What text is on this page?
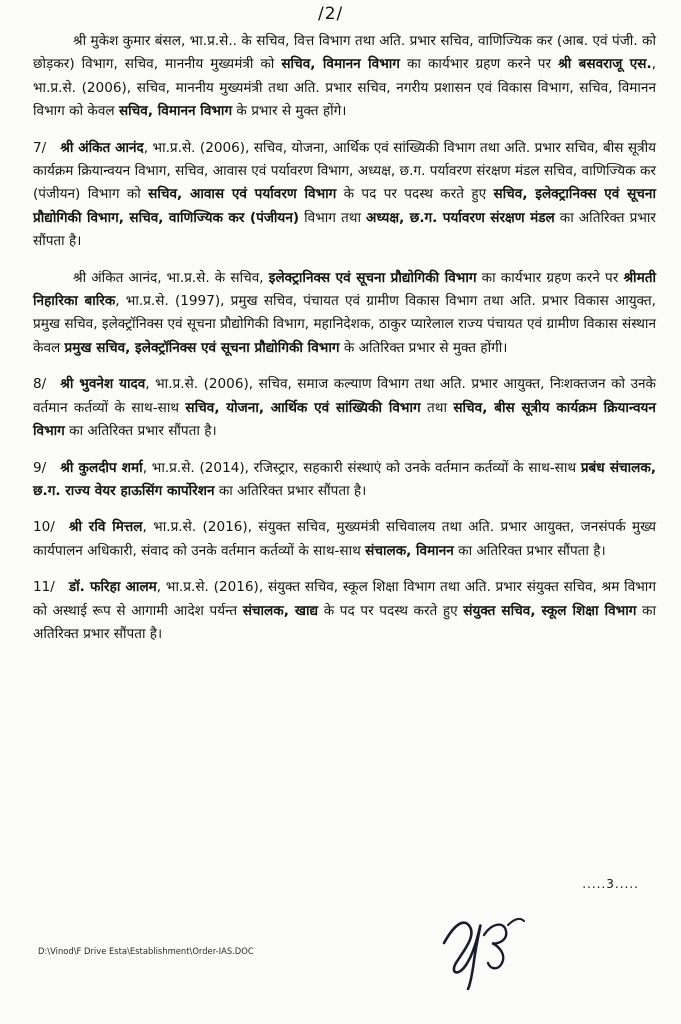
/2/

श्री मुकेश कुमार बंसल, भा.प्र.से.. के सचिव, वित्त विभाग तथा अति. प्रभार सचिव, वाणिज्यिक कर (आब. एवं पंजी. को छोड़कर) विभाग, सचिव, माननीय मुख्यमंत्री को सचिव, विमानन विभाग का कार्यभार ग्रहण करने पर श्री बसवराजू एस., भा.प्र.से. (2006), सचिव, माननीय मुख्यमंत्री तथा अति. प्रभार सचिव, नगरीय प्रशासन एवं विकास विभाग, सचिव, विमानन विभाग को केवल सचिव, विमानन विभाग के प्रभार से मुक्त होंगे।

7/ श्री अंकित आनंद, भा.प्र.से. (2006), सचिव, योजना, आर्थिक एवं सांख्यिकी विभाग तथा अति. प्रभार सचिव, बीस सूत्रीय कार्यक्रम क्रियान्वयन विभाग, सचिव, आवास एवं पर्यावरण विभाग, अध्यक्ष, छ.ग. पर्यावरण संरक्षण मंडल सचिव, वाणिज्यिक कर (पंजीयन) विभाग को सचिव, आवास एवं पर्यावरण विभाग के पद पर पदस्थ करते हुए सचिव, इलेक्ट्रानिक्स एवं सूचना प्रौद्योगिकी विभाग, सचिव, वाणिज्यिक कर (पंजीयन) विभाग तथा अध्यक्ष, छ.ग. पर्यावरण संरक्षण मंडल का अतिरिक्त प्रभार सौंपता है।

श्री अंकित आनंद, भा.प्र.से. के सचिव, इलेक्ट्रानिक्स एवं सूचना प्रौद्योगिकी विभाग का कार्यभार ग्रहण करने पर श्रीमती निहारिका बारिक, भा.प्र.से. (1997), प्रमुख सचिव, पंचायत एवं ग्रामीण विकास विभाग तथा अति. प्रभार विकास आयुक्त, प्रमुख सचिव, इलेक्ट्रॉनिक्स एवं सूचना प्रौद्योगिकी विभाग, महानिदेशक, ठाकुर प्यारेलाल राज्य पंचायत एवं ग्रामीण विकास संस्थान केवल प्रमुख सचिव, इलेक्ट्रॉनिक्स एवं सूचना प्रौद्योगिकी विभाग के अतिरिक्त प्रभार से मुक्त होंगी।

8/ श्री भुवनेश यादव, भा.प्र.से. (2006), सचिव, समाज कल्याण विभाग तथा अति. प्रभार आयुक्त, निःशक्तजन को उनके वर्तमान कर्तव्यों के साथ-साथ सचिव, योजना, आर्थिक एवं सांख्यिकी विभाग तथा सचिव, बीस सूत्रीय कार्यक्रम क्रियान्वयन विभाग का अतिरिक्त प्रभार सौंपता है।

9/ श्री कुलदीप शर्मा, भा.प्र.से. (2014), रजिस्ट्रार, सहकारी संस्थाएं को उनके वर्तमान कर्तव्यों के साथ-साथ प्रबंध संचालक, छ.ग. राज्य वेयर हाऊसिंग कार्पोरेशन का अतिरिक्त प्रभार सौंपता है।

10/ श्री रवि मित्तल, भा.प्र.से. (2016), संयुक्त सचिव, मुख्यमंत्री सचिवालय तथा अति. प्रभार आयुक्त, जनसंपर्क मुख्य कार्यपालन अधिकारी, संवाद को उनके वर्तमान कर्तव्यों के साथ-साथ संचालक, विमानन का अतिरिक्त प्रभार सौंपता है।

11/ डॉ. फरिहा आलम, भा.प्र.से. (2016), संयुक्त सचिव, स्कूल शिक्षा विभाग तथा अति. प्रभार संयुक्त सचिव, श्रम विभाग को अस्थाई रूप से आगामी आदेश पर्यन्त संचालक, खाद्य के पद पर पदस्थ करते हुए संयुक्त सचिव, स्कूल शिक्षा विभाग का अतिरिक्त प्रभार सौंपता है।

.....3.....
D:\Vinod\F Drive Esta\Establishment\Order-IAS.DOC
